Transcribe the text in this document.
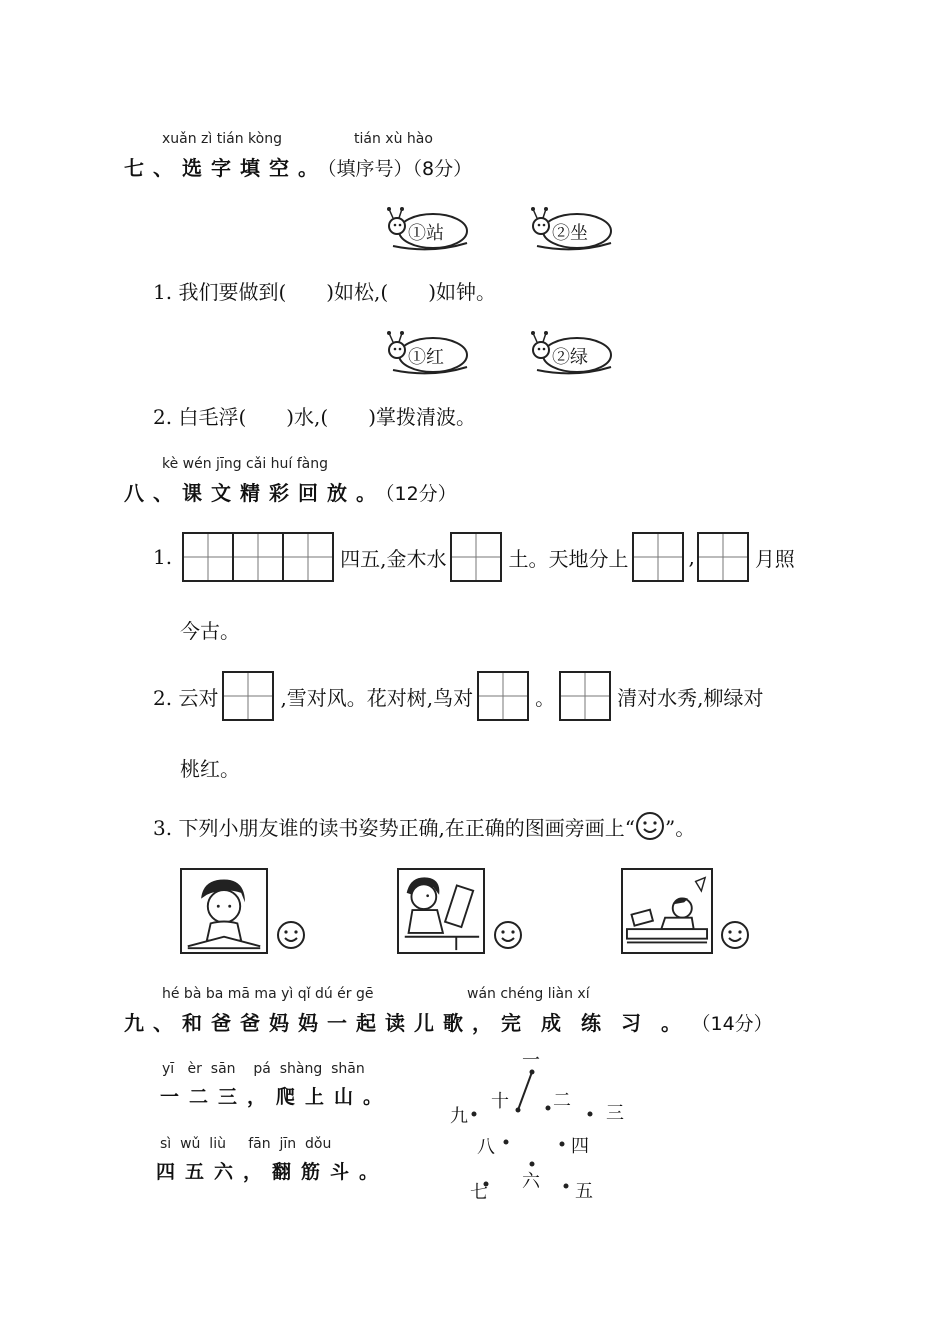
xuǎn zì tián kòng	tián xù hào
七、选字填空。（填序号）（8分）
①站	②坐
1. 我们要做到(　　)如松,(　　)如钟。
①红	②绿
2. 白毛浮(　　)水,(　　)掌拨清波。
kè wén jīng cǎi huí fàng
八、课文精彩回放。（12分）
1.	四五,金木水	土。天地分上	,	月照
今古。
2. 云对	,雪对风。花对树,鸟对	。	清对水秀,柳绿对
桃红。
3. 下列小朋友谁的读书姿势正确,在正确的图画旁画上“ ”。
hé bà ba mā ma yì qǐ dú ér gē	wán chéng liàn xí
九、和爸爸妈妈一起读儿歌，完成练习。（14分）
yī   èr  sān    pá  shàng  shān
一二三，爬上山。
sì  wǔ  liù     fān  jīn  dǒu
四五六，翻筋斗。
一
二
三
四
五
六
七
八
九
十
